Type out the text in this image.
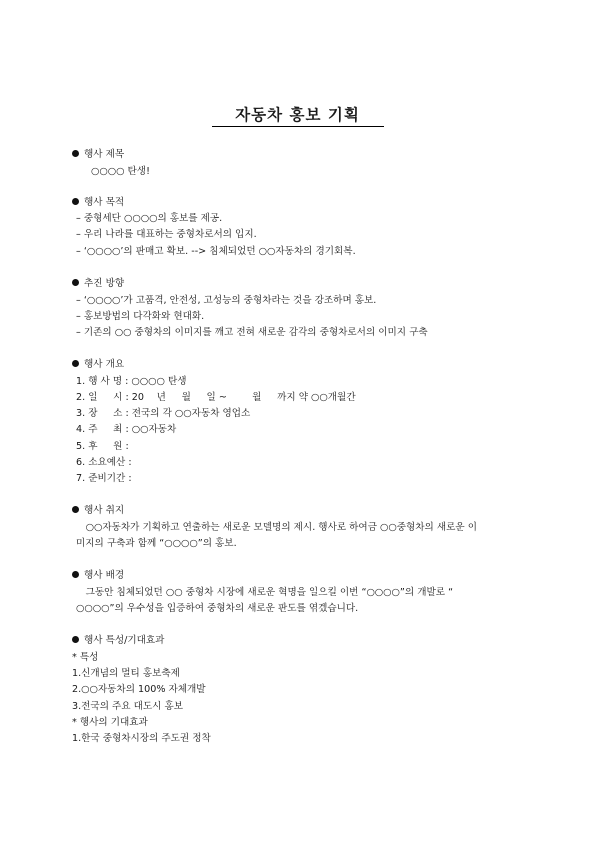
자동차 홍보 기획
행사 제목
○○○○ 탄생!
행사 목적
– 중형세단 ○○○○의 홍보를 제공.
– 우리 나라를 대표하는 중형차로서의 입지.
– ‘○○○○’의 판매고 확보. --> 침체되었던 ○○자동차의 경기회복.
추진 방향
– ‘○○○○’가 고품격, 안전성, 고성능의 중형차라는 것을 강조하며 홍보.
– 홍보방법의 다각화와 현대화.
– 기존의 ○○ 중형차의 이미지를 깨고 전혀 새로운 감각의 중형차로서의 이미지 구축
행사 개요
1. 행 사 명 : ○○○○ 탄생
2. 일 　 시 : 20 　년 　 월 　 일 ~ 　 　월 　 까지 약 ○○개월간
3. 장 　 소 : 전국의 각 ○○자동차 영업소
4. 주 　 최 : ○○자동차
5. 후 　 원 :
6. 소요예산 :
7. 준비기간 :
행사 취지
　○○자동차가 기획하고 연출하는 새로운 모델명의 제시. 행사로 하여금 ○○중형차의 새로운 이
미지의 구축과 함께 “○○○○”의 홍보.
행사 배경
　그동안 침체되었던 ○○ 중형차 시장에 새로운 혁명을 일으킬 이번 “○○○○”의 개발로 “
○○○○”의 우수성을 입증하여 중형차의 새로운 판도를 엮겠습니다.
행사 특성/기대효과
* 특성
1.신개념의 멀티 홍보축제
2.○○자동차의 100% 자체개발
3.전국의 주요 대도시 홍보
* 행사의 기대효과
1.한국 중형차시장의 주도권 정착
